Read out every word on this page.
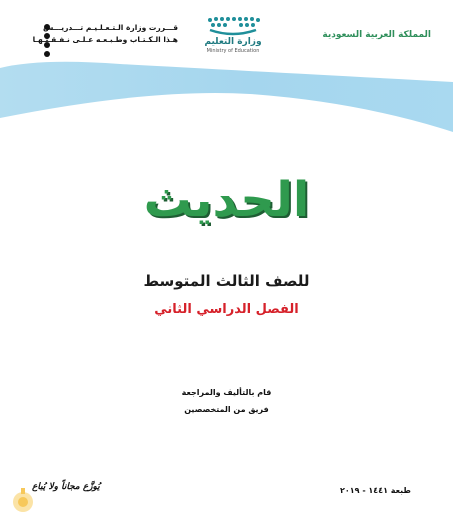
المملكة العربية السعودية
وزارة التعليم
Ministry of Education
قـــررت وزارة الـتـعـلـيـم تـــدريـــس
هـذا الـكـتـاب وطـبـعـه عـلـى نـفـقـتـهـا
الحديث
للصف الثالث المتوسط
الفصل الدراسي الثاني
قام بالتأليف والمراجعة
فريق من المتخصصين
طبعة ١٤٤١ - ٢٠١٩
يُوزَّع مجاناً ولا يُباع
